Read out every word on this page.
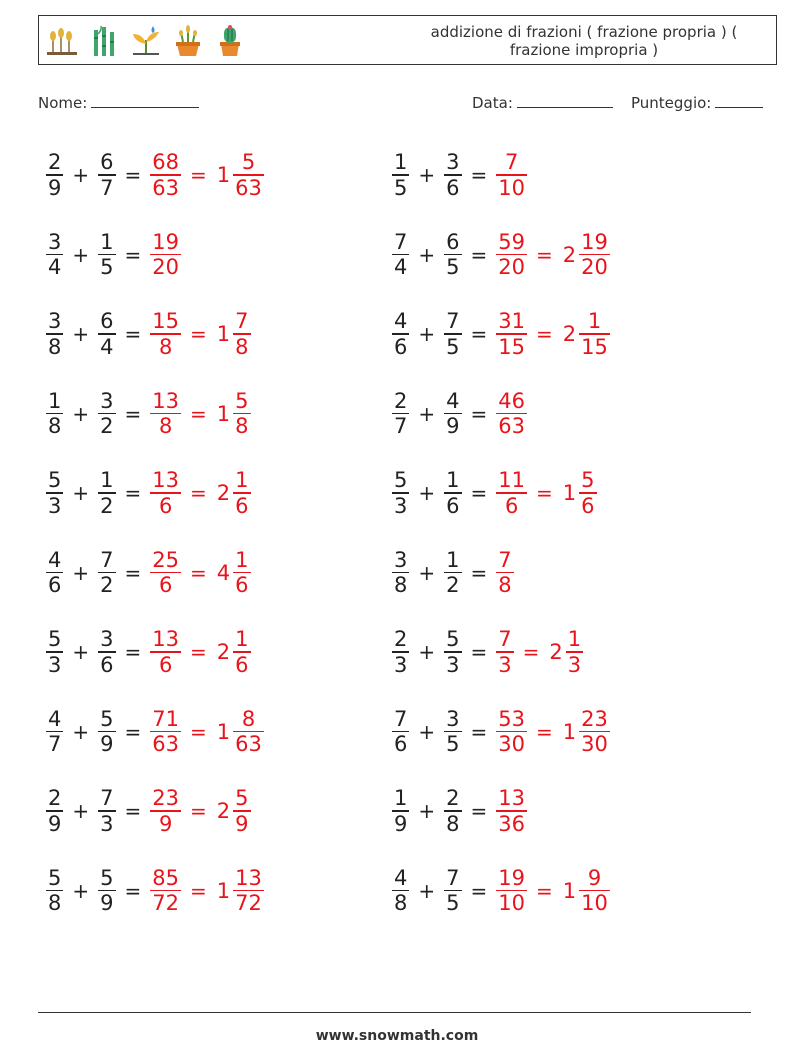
addizione di frazioni ( frazione propria ) ( frazione impropria )
Nome:	Data:	Punteggio:
$\frac{2}{9} + \frac{6}{7} = \frac{68}{63} = 1 \frac{5}{63}$	$\frac{1}{5} + \frac{3}{6} = \frac{7}{10}$
$\frac{3}{4} + \frac{1}{5} = \frac{19}{20}$	$\frac{7}{4} + \frac{6}{5} = \frac{59}{20} = 2 \frac{19}{20}$
$\frac{3}{8} + \frac{6}{4} = \frac{15}{8} = 1 \frac{7}{8}$	$\frac{4}{6} + \frac{7}{5} = \frac{31}{15} = 2 \frac{1}{15}$
$\frac{1}{8} + \frac{3}{2} = \frac{13}{8} = 1 \frac{5}{8}$	$\frac{2}{7} + \frac{4}{9} = \frac{46}{63}$
$\frac{5}{3} + \frac{1}{2} = \frac{13}{6} = 2 \frac{1}{6}$	$\frac{5}{3} + \frac{1}{6} = \frac{11}{6} = 1 \frac{5}{6}$
$\frac{4}{6} + \frac{7}{2} = \frac{25}{6} = 4 \frac{1}{6}$	$\frac{3}{8} + \frac{1}{2} = \frac{7}{8}$
$\frac{5}{3} + \frac{3}{6} = \frac{13}{6} = 2 \frac{1}{6}$	$\frac{2}{3} + \frac{5}{3} = \frac{7}{3} = 2 \frac{1}{3}$
$\frac{4}{7} + \frac{5}{9} = \frac{71}{63} = 1 \frac{8}{63}$	$\frac{7}{6} + \frac{3}{5} = \frac{53}{30} = 1 \frac{23}{30}$
$\frac{2}{9} + \frac{7}{3} = \frac{23}{9} = 2 \frac{5}{9}$	$\frac{1}{9} + \frac{2}{8} = \frac{13}{36}$
$\frac{5}{8} + \frac{5}{9} = \frac{85}{72} = 1 \frac{13}{72}$	$\frac{4}{8} + \frac{7}{5} = \frac{19}{10} = 1 \frac{9}{10}$
www.snowmath.com
